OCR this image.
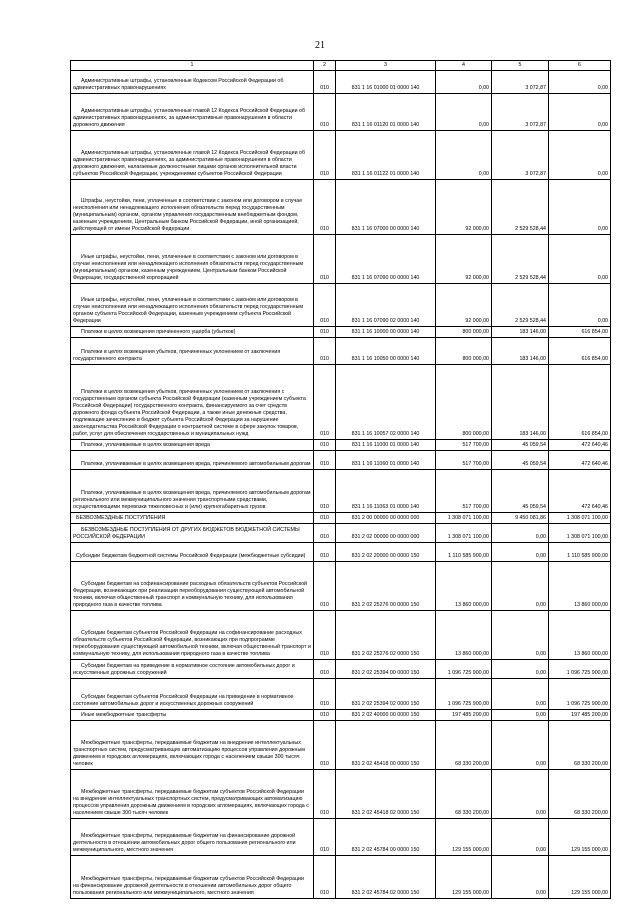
21
1	2	3	4	5	6
Административные штрафы, установленные Кодексом Российской Федерации об административных правонарушениях	010	831 1 16 01000 01 0000 140	0,00	3 072,87	0,00
Административные штрафы, установленные главой 12 Кодекса Российской Федерации об административных правонарушениях, за административные правонарушения в области дорожного движения	010	831 1 16 01120 01 0000 140	0,00	3 072,87	0,00
Административные штрафы, установленные главой 12 Кодекса Российской Федерации об административных правонарушениях, за административные правонарушения в области дорожного движения, налагаемые должностными лицами органов исполнительной власти субъектов Российской Федерации, учреждениями субъектов Российской Федерации	010	831 1 16 01122 01 0000 140	0,00	3 072,87	0,00
Штрафы, неустойки, пени, уплаченные в соответствии с законом или договором в случае неисполнения или ненадлежащего исполнения обязательств перед государственным (муниципальным) органом, органом управления государственным внебюджетным фондом, казенным учреждением, Центральным банком Российской Федерации, иной организацией, действующей от имени Российской Федерации	010	831 1 16 07000 00 0000 140	92 000,00	2 529 528,44	0,00
Иные штрафы, неустойки, пени, уплаченные в соответствии с законом или договором в случае неисполнения или ненадлежащего исполнения обязательств перед государственным (муниципальным) органом, казенным учреждением, Центральным банком Российской Федерации, государственной корпорацией	010	831 1 16 07090 00 0000 140	92 000,00	2 529 528,44	0,00
Иные штрафы, неустойки, пени, уплаченные в соответствии с законом или договором в случае неисполнения или ненадлежащего исполнения обязательств перед государственным органом субъекта Российской Федерации, казенным учреждением субъекта Российской Федерации	010	831 1 16 07090 02 0000 140	92 000,00	2 529 528,44	0,00
Платежи в целях возмещения причиненного ущерба (убытков)	010	831 1 16 10000 00 0000 140	800 000,00	183 146,00	616 854,00
Платежи в целях возмещения убытков, причиненных уклонением от заключения государственного контракта	010	831 1 16 10050 00 0000 140	800 000,00	183 146,00	616 854,00
Платежи в целях возмещения убытков, причиненных уклонением от заключения с государственным органом субъекта Российской Федерации (казенным учреждением субъекта Российской Федерации) государственного контракта, финансируемого за счет средств дорожного фонда субъекта Российской Федерации, а также иные денежные средства, подлежащие зачислению в бюджет субъекта Российской Федерации за нарушение законодательства Российской Федерации о контрактной системе в сфере закупок товаров, работ, услуг для обеспечения государственных и муниципальных нужд	010	831 1 16 10057 02 0000 140	800 000,00	183 146,00	616 854,00
Платежи, уплачиваемые в целях возмещения вреда	010	831 1 16 11000 01 0000 140	517 700,00	45 059,54	472 640,46
Платежи, уплачиваемые в целях возмещения вреда, причиняемого автомобильным дорогам	010	831 1 16 11060 01 0000 140	517 700,00	45 059,54	472 640,46
Платежи, уплачиваемые в целях возмещения вреда, причиняемого автомобильным дорогам регионального или межмуниципального значения транспортными средствами, осуществляющими перевозки тяжеловесных и (или) крупногабаритных грузов	010	831 1 16 11063 01 0000 140	517 700,00	45 059,54	472 640,46
БЕЗВОЗМЕЗДНЫЕ ПОСТУПЛЕНИЯ	010	831 2 00 00000 00 0000 000	1 308 071 100,00	9 450 081,86	1 308 071 100,00
БЕЗВОЗМЕЗДНЫЕ ПОСТУПЛЕНИЯ ОТ ДРУГИХ БЮДЖЕТОВ БЮДЖЕТНОЙ СИСТЕМЫ РОССИЙСКОЙ ФЕДЕРАЦИИ	010	831 2 02 00000 00 0000 000	1 308 071 100,00	0,00	1 308 071 100,00
Субсидии бюджетам бюджетной системы Российской Федерации (межбюджетные субсидии)	010	831 2 02 20000 00 0000 150	1 110 585 900,00	0,00	1 110 585 900,00
Субсидии бюджетам на софинансирование расходных обязательств субъектов Российской Федерации, возникающих при реализации переоборудования существующей автомобильной техники, включая общественный транспорт и коммунальную технику, для использования природного газа в качестве топлива	010	831 2 02 25276 00 0000 150	13 860 000,00	0,00	13 860 000,00
Субсидии бюджетам субъектов Российской Федерации на софинансирование расходных обязательств субъектов Российской Федерации, возникающих при подпрограмме переоборудования существующей автомобильной техники, включая общественный транспорт и коммунальную технику, для использования природного газа в качестве топлива	010	831 2 02 25276 02 0000 150	13 860 000,00	0,00	13 860 000,00
Субсидии бюджетам на приведение в нормативное состояние автомобильных дорог и искусственных дорожных сооружений	010	831 2 02 25394 00 0000 150	1 096 725 900,00	0,00	1 096 725 900,00
Субсидии бюджетам субъектов Российской Федерации на приведение в нормативное состояние автомобильных дорог и искусственных дорожных сооружений	010	831 2 02 25394 02 0000 150	1 096 725 900,00	0,00	1 096 725 900,00
Иные межбюджетные трансферты	010	831 2 02 40000 00 0000 150	197 485 200,00	0,00	197 485 200,00
Межбюджетные трансферты, передаваемые бюджетам на внедрение интеллектуальных транспортных систем, предусматривающих автоматизацию процессов управления дорожным движением в городских агломерациях, включающих города с населением свыше 300 тысяч человек	010	831 2 02 45418 00 0000 150	68 330 200,00	0,00	68 330 200,00
Межбюджетные трансферты, передаваемые бюджетам субъектов Российской Федерации на внедрение интеллектуальных транспортных систем, предусматривающих автоматизацию процессов управления дорожным движением в городских агломерациях, включающих города с населением свыше 300 тысяч человек	010	831 2 02 45418 02 0000 150	68 330 200,00	0,00	68 330 200,00
Межбюджетные трансферты, передаваемые бюджетам на финансирование дорожной деятельности в отношении автомобильных дорог общего пользования регионального или межмуниципального, местного значения	010	831 2 02 45784 00 0000 150	129 155 000,00	0,00	129 155 000,00
Межбюджетные трансферты, передаваемые бюджетам субъектов Российской Федерации на финансирование дорожной деятельности в отношении автомобильных дорог общего пользования регионального или межмуниципального, местного значения	010	831 2 02 45784 02 0000 150	129 155 000,00	0,00	129 155 000,00
